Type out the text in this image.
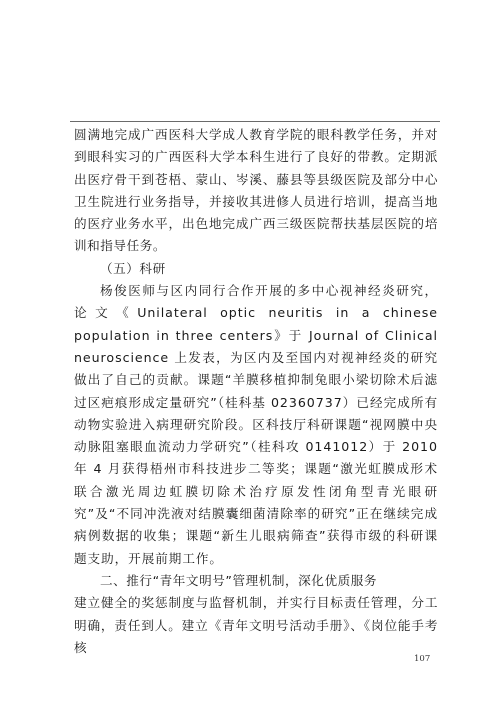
圆满地完成广西医科大学成人教育学院的眼科教学任务，并对到眼科实习的广西医科大学本科生进行了良好的带教。定期派出医疗骨干到苍梧、蒙山、岑溪、藤县等县级医院及部分中心卫生院进行业务指导，并接收其进修人员进行培训，提高当地的医疗业务水平，出色地完成广西三级医院帮扶基层医院的培训和指导任务。

（五）科研

杨俊医师与区内同行合作开展的多中心视神经炎研究，论文《Unilateral optic neuritis in a chinese population in three centers》于 Journal of Clinical neuroscience 上发表，为区内及至国内对视神经炎的研究做出了自己的贡献。课题“羊膜移植抑制兔眼小梁切除术后滤过区疤痕形成定量研究”（桂科基 02360737）已经完成所有动物实验进入病理研究阶段。区科技厅科研课题“视网膜中央动脉阻塞眼血流动力学研究”（桂科攻 0141012）于 2010 年 4 月获得梧州市科技进步二等奖；课题“激光虹膜成形术联合激光周边虹膜切除术治疗原发性闭角型青光眼研究”及“不同冲洗液对结膜囊细菌清除率的研究”正在继续完成病例数据的收集；课题“新生儿眼病筛查”获得市级的科研课题支助，开展前期工作。

二、推行“青年文明号”管理机制，深化优质服务

建立健全的奖惩制度与监督机制，并实行目标责任管理，分工明确，责任到人。建立《青年文明号活动手册》、《岗位能手考核

107
